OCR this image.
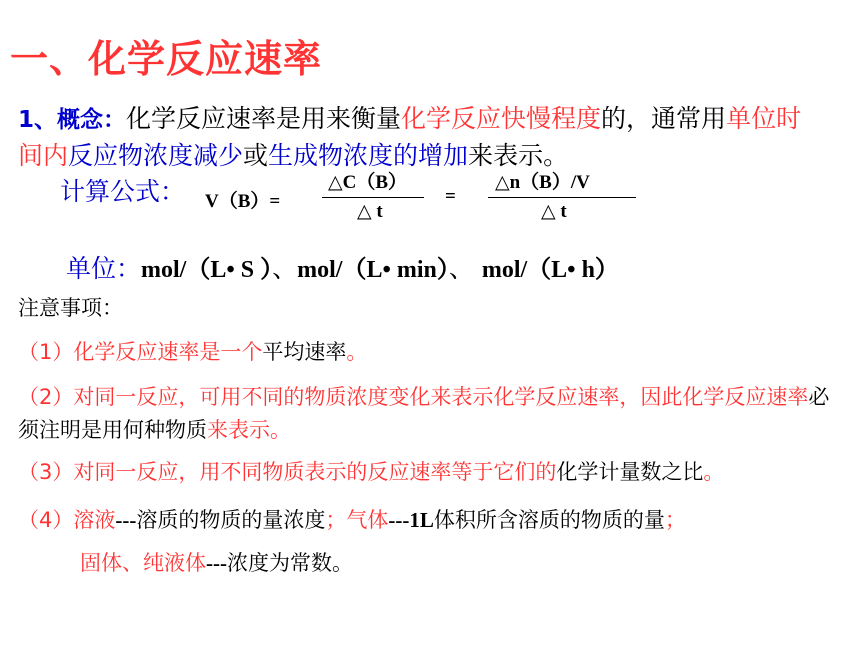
一、化学反应速率
1、概念：化学反应速率是用来衡量化学反应快慢程度的，通常用单位时间内反应物浓度减少或生成物浓度的增加来表示。
计算公式： V（B）=
△C（B）
△ t
=
△n（B）/V
△ t
单位：mol/（L• S ）、mol/（L• min）、 mol/（L• h）
注意事项：
（1）化学反应速率是一个平均速率。
（2）对同一反应，可用不同的物质浓度变化来表示化学反应速率，因此化学反应速率必须注明是用何种物质来表示。
（3）对同一反应，用不同物质表示的反应速率等于它们的化学计量数之比。
（4）溶液---溶质的物质的量浓度；气体---1L体积所含溶质的物质的量；
固体、纯液体---浓度为常数。
